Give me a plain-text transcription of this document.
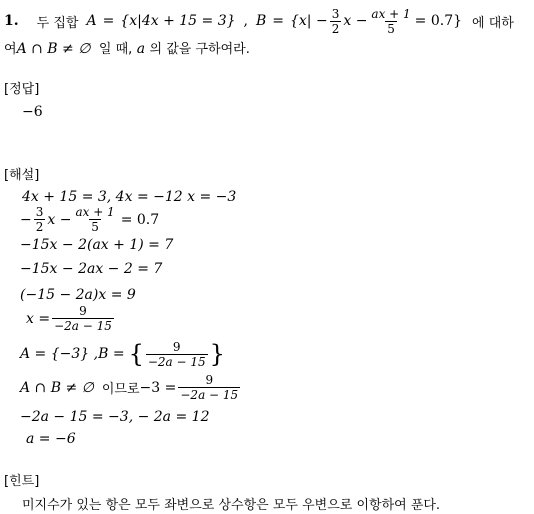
1. 두 집합 A = {x|4x + 15 = 3} , $B = \{x| - \frac{3}{2}$ $x - \frac{ax + 1}{5} = 0.7$} 에 대하
여A ∩ B ≠ ∅ 일 때, a 의 값을 구하여라.
[정답]
−6
[해설]
4x + 15 = 3, 4x = −12 x = −3
− $\frac{3}{2}$ $x - \frac{ax + 1}{5} = 0.7$
−15x − 2(ax + 1) = 7
−15x − 2ax − 2 = 7
(−15 − 2a)x = 9
$x = \frac{9}{-2a - 15}$
A = {−3} ,B = { $\frac{9}{-2a - 15}$ }
A ∩ B ≠ ∅ 이므로 $-3 = \frac{9}{-2a - 15}$
−2a − 15 = −3, − 2a = 12
a = −6
[힌트]
미지수가 있는 항은 모두 좌변으로 상수항은 모두 우변으로 이항하여 푼다.
